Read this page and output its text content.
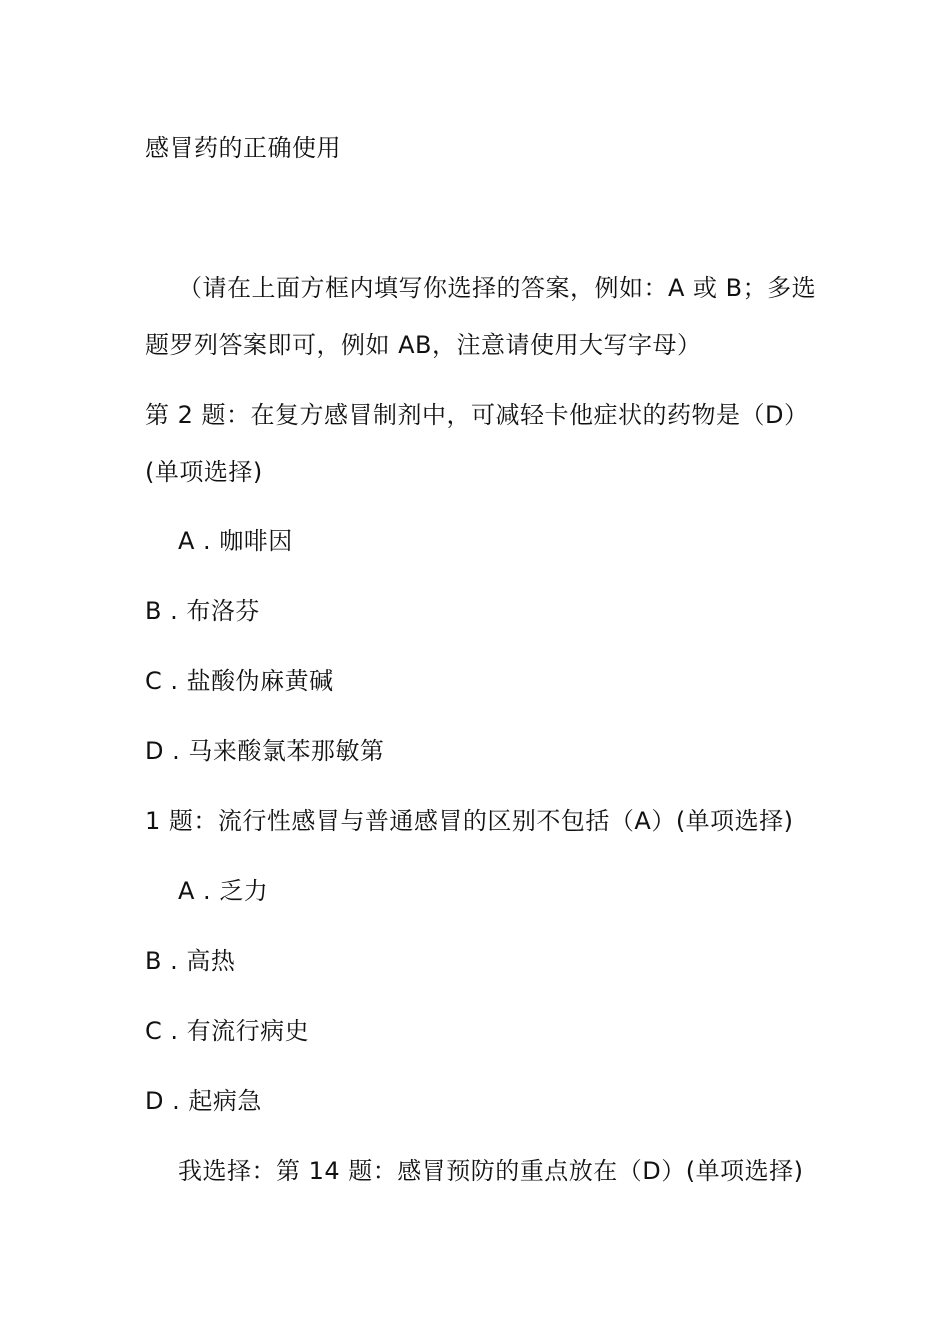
感冒药的正确使用
（请在上面方框内填写你选择的答案，例如：A 或 B；多选
题罗列答案即可，例如 AB，注意请使用大写字母）
第 2 题：在复方感冒制剂中，可减轻卡他症状的药物是（D）
(单项选择)
A . 咖啡因
B . 布洛芬
C . 盐酸伪麻黄碱
D . 马来酸氯苯那敏第
1 题：流行性感冒与普通感冒的区别不包括（A）(单项选择)
A . 乏力
B . 高热
C . 有流行病史
D . 起病急
我选择：第 14 题：感冒预防的重点放在（D）(单项选择)
